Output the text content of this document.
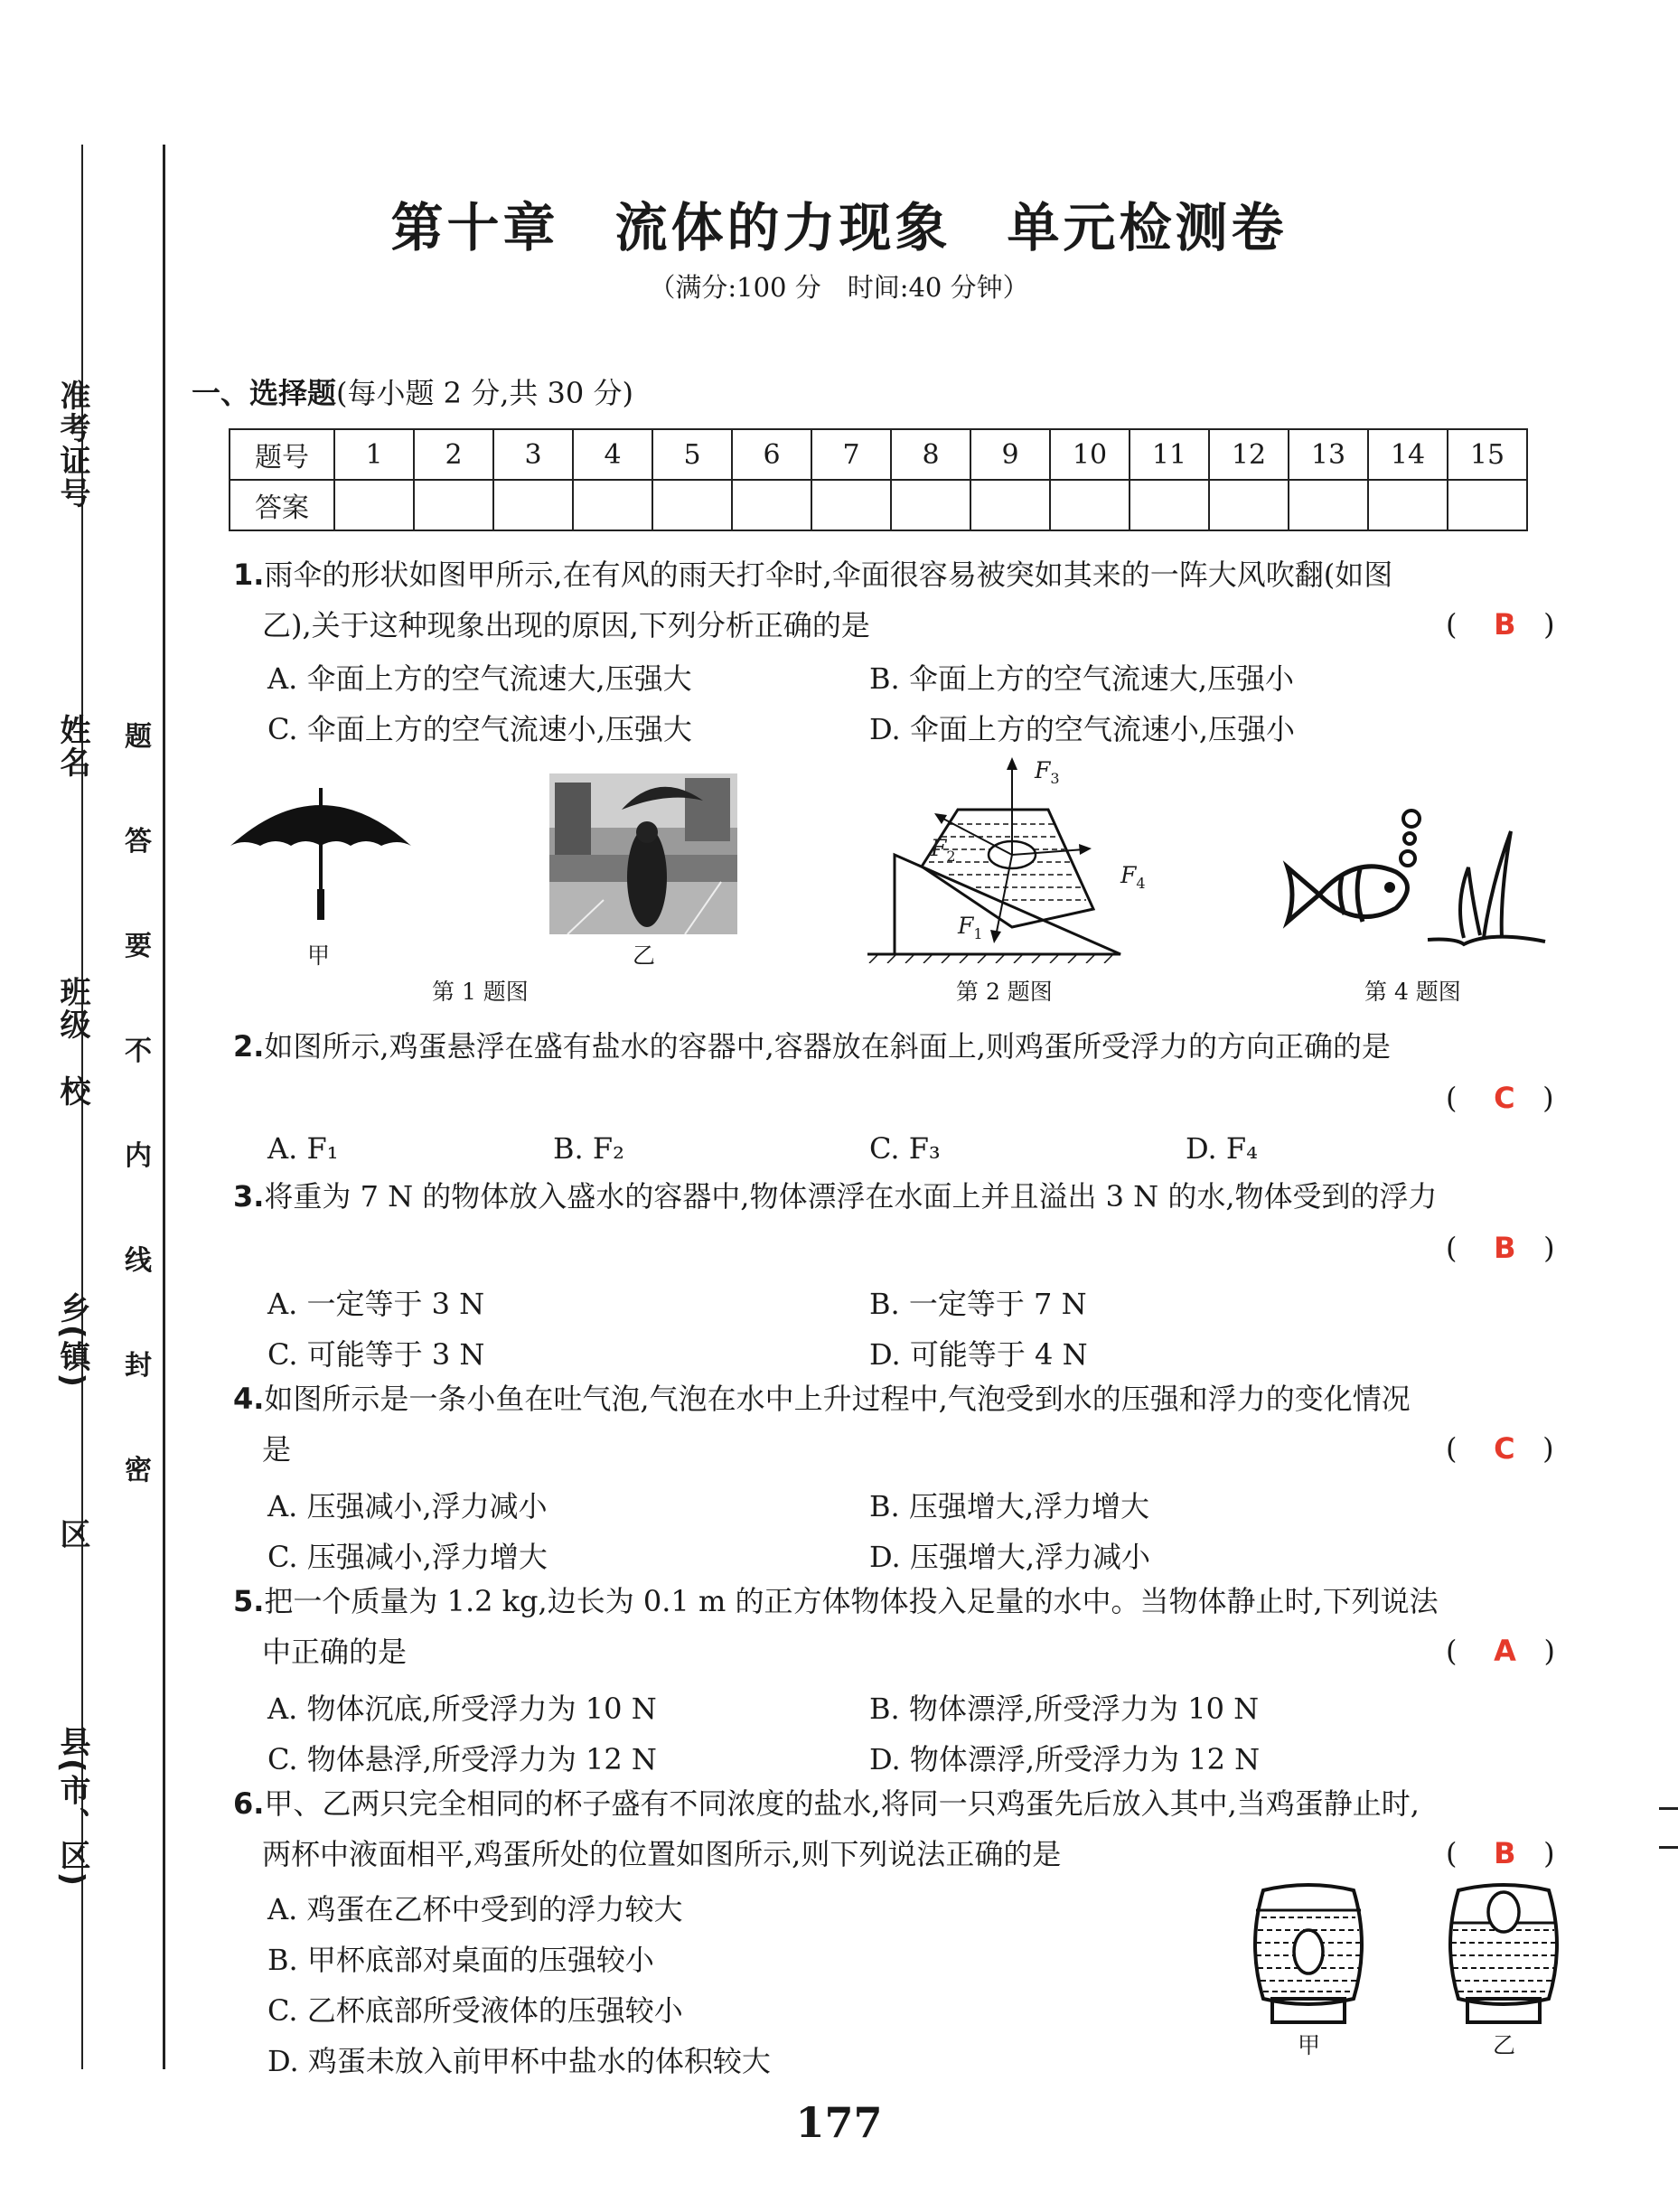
准考证号
姓名
校
班级
乡(镇)
区
县(市、区)
题
答
要
不
内
线
封
密
第十章　流体的力现象　单元检测卷
（满分:100 分　时间:40 分钟）
一、选择题(每小题 2 分,共 30 分)
题号	1	2	3	4	5	6	7	8	9	10	11	12	13	14	15
答案															
1.雨伞的形状如图甲所示,在有风的雨天打伞时,伞面很容易被突如其来的一阵大风吹翻(如图
乙),关于这种现象出现的原因,下列分析正确的是	(    B   )
A. 伞面上方的空气流速大,压强大	B. 伞面上方的空气流速大,压强小
C. 伞面上方的空气流速小,压强大	D. 伞面上方的空气流速小,压强小
甲	乙
第 1 题图
$F_3$
$F_2$
$F_4$
$F_1$
第 2 题图	第 4 题图
2.如图所示,鸡蛋悬浮在盛有盐水的容器中,容器放在斜面上,则鸡蛋所受浮力的方向正确的是
(    C   )
A. F₁	B. F₂	C. F₃	D. F₄
3.将重为 7 N 的物体放入盛水的容器中,物体漂浮在水面上并且溢出 3 N 的水,物体受到的浮力
(    B   )
A. 一定等于 3 N	B. 一定等于 7 N
C. 可能等于 3 N	D. 可能等于 4 N
4.如图所示是一条小鱼在吐气泡,气泡在水中上升过程中,气泡受到水的压强和浮力的变化情况
是	(    C   )
A. 压强减小,浮力减小	B. 压强增大,浮力增大
C. 压强减小,浮力增大	D. 压强增大,浮力减小
5.把一个质量为 1.2 kg,边长为 0.1 m 的正方体物体投入足量的水中。当物体静止时,下列说法
中正确的是	(    A   )
A. 物体沉底,所受浮力为 10 N	B. 物体漂浮,所受浮力为 10 N
C. 物体悬浮,所受浮力为 12 N	D. 物体漂浮,所受浮力为 12 N
6.甲、乙两只完全相同的杯子盛有不同浓度的盐水,将同一只鸡蛋先后放入其中,当鸡蛋静止时,
两杯中液面相平,鸡蛋所处的位置如图所示,则下列说法正确的是	(    B   )
A. 鸡蛋在乙杯中受到的浮力较大
B. 甲杯底部对桌面的压强较小
C. 乙杯底部所受液体的压强较小
D. 鸡蛋未放入前甲杯中盐水的体积较大	甲	乙
177
